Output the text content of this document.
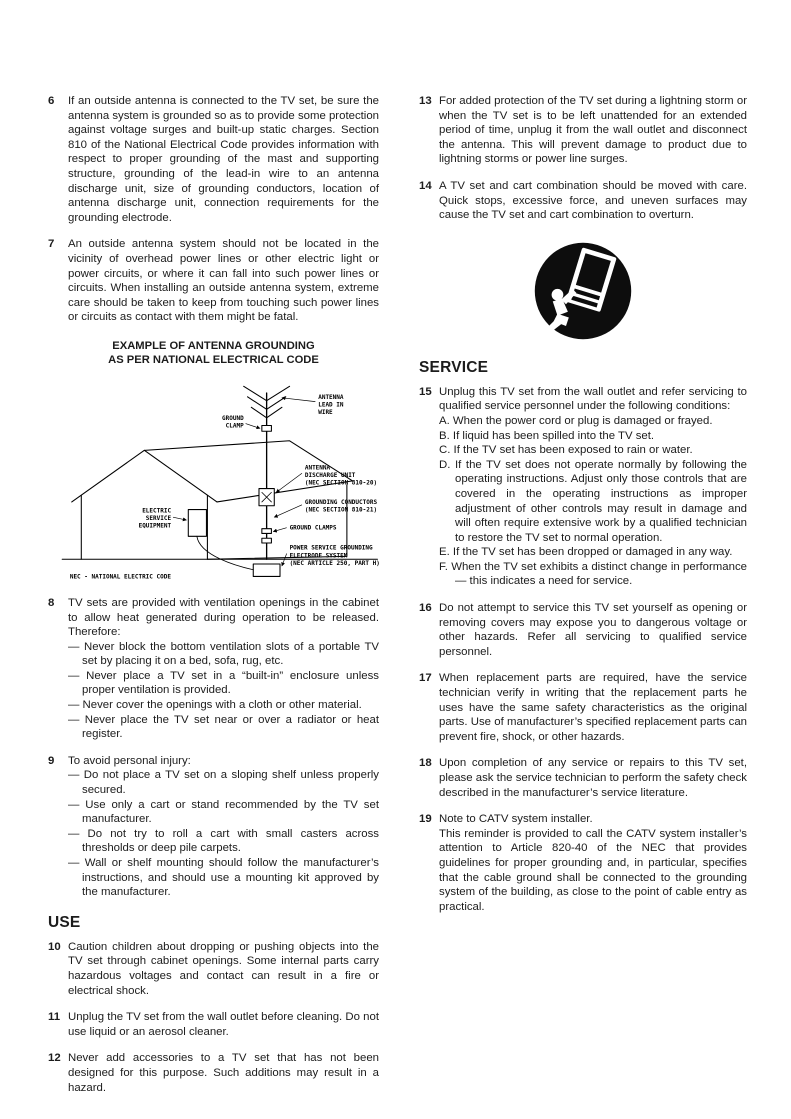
6	If an outside antenna is connected to the TV set, be sure the antenna system is grounded so as to provide some protection against voltage surges and built-up static charges. Section 810 of the National Electrical Code provides information with respect to proper grounding of the mast and supporting structure, grounding of the lead-in wire to an antenna discharge unit, size of grounding conductors, location of antenna discharge unit, connection requirements for the grounding electrode.
7	An outside antenna system should not be located in the vicinity of overhead power lines or other electric light or power circuits, or where it can fall into such power lines or circuits. When installing an outside antenna system, extreme care should be taken to keep from touching such power lines or circuits as contact with them might be fatal.
EXAMPLE OF ANTENNA GROUNDING
AS PER NATIONAL ELECTRICAL CODE
ANTENNA
LEAD IN
WIRE
GROUND
CLAMP
ANTENNA
DISCHARGE UNIT
(NEC SECTION 810-20)
ELECTRIC
SERVICE
EQUIPMENT
GROUNDING CONDUCTORS
(NEC SECTION 810-21)
GROUND CLAMPS
POWER SERVICE GROUNDING
ELECTRODE SYSTEM
(NEC ARTICLE 250, PART H)
NEC - NATIONAL ELECTRIC CODE
8	TV sets are provided with ventilation openings in the cabinet to allow heat generated during operation to be released. Therefore:
— Never block the bottom ventilation slots of a portable TV set by placing it on a bed, sofa, rug, etc.
— Never place a TV set in a “built-in” enclosure unless proper ventilation is provided.
— Never cover the openings with a cloth or other material.
— Never place the TV set near or over a radiator or heat register.
9	To avoid personal injury:
— Do not place a TV set on a sloping shelf unless properly secured.
— Use only a cart or stand recommended by the TV set manufacturer.
— Do not try to roll a cart with small casters across thresholds or deep pile carpets.
— Wall or shelf mounting should follow the manufacturer’s instructions, and should use a mounting kit approved by the manufacturer.
USE
10 Caution children about dropping or pushing objects into the TV set through cabinet openings. Some internal parts carry hazardous voltages and contact can result in a fire or electrical shock.
11 Unplug the TV set from the wall outlet before cleaning. Do not use liquid or an aerosol cleaner.
12 Never add accessories to a TV set that has not been designed for this purpose. Such additions may result in a hazard.
13 For added protection of the TV set during a lightning storm or when the TV set is to be left unattended for an extended period of time, unplug it from the wall outlet and disconnect the antenna. This will prevent damage to product due to lightning storms or power line surges.
14 A TV set and cart combination should be moved with care. Quick stops, excessive force, and uneven surfaces may cause the TV set and cart combination to overturn.
SERVICE
15 Unplug this TV set from the wall outlet and refer servicing to qualified service personnel under the following conditions:
A. When the power cord or plug is damaged or frayed.
B. If liquid has been spilled into the TV set.
C. If the TV set has been exposed to rain or water.
D. If the TV set does not operate normally by following the operating instructions. Adjust only those controls that are covered in the operating instructions as improper adjustment of other controls may result in damage and will often require extensive work by a qualified technician to restore the TV set to normal operation.
E. If the TV set has been dropped or damaged in any way.
F. When the TV set exhibits a distinct change in performance — this indicates a need for service.
16 Do not attempt to service this TV set yourself as opening or removing covers may expose you to dangerous voltage or other hazards. Refer all servicing to qualified service personnel.
17 When replacement parts are required, have the service technician verify in writing that the replacement parts he uses have the same safety characteristics as the original parts. Use of manufacturer’s specified replacement parts can prevent fire, shock, or other hazards.
18 Upon completion of any service or repairs to this TV set, please ask the service technician to perform the safety check described in the manufacturer’s service literature.
19 Note to CATV system installer.
This reminder is provided to call the CATV system installer’s attention to Article 820-40 of the NEC that provides guidelines for proper grounding and, in particular, specifies that the cable ground shall be connected to the grounding system of the building, as close to the point of cable entry as practical.
